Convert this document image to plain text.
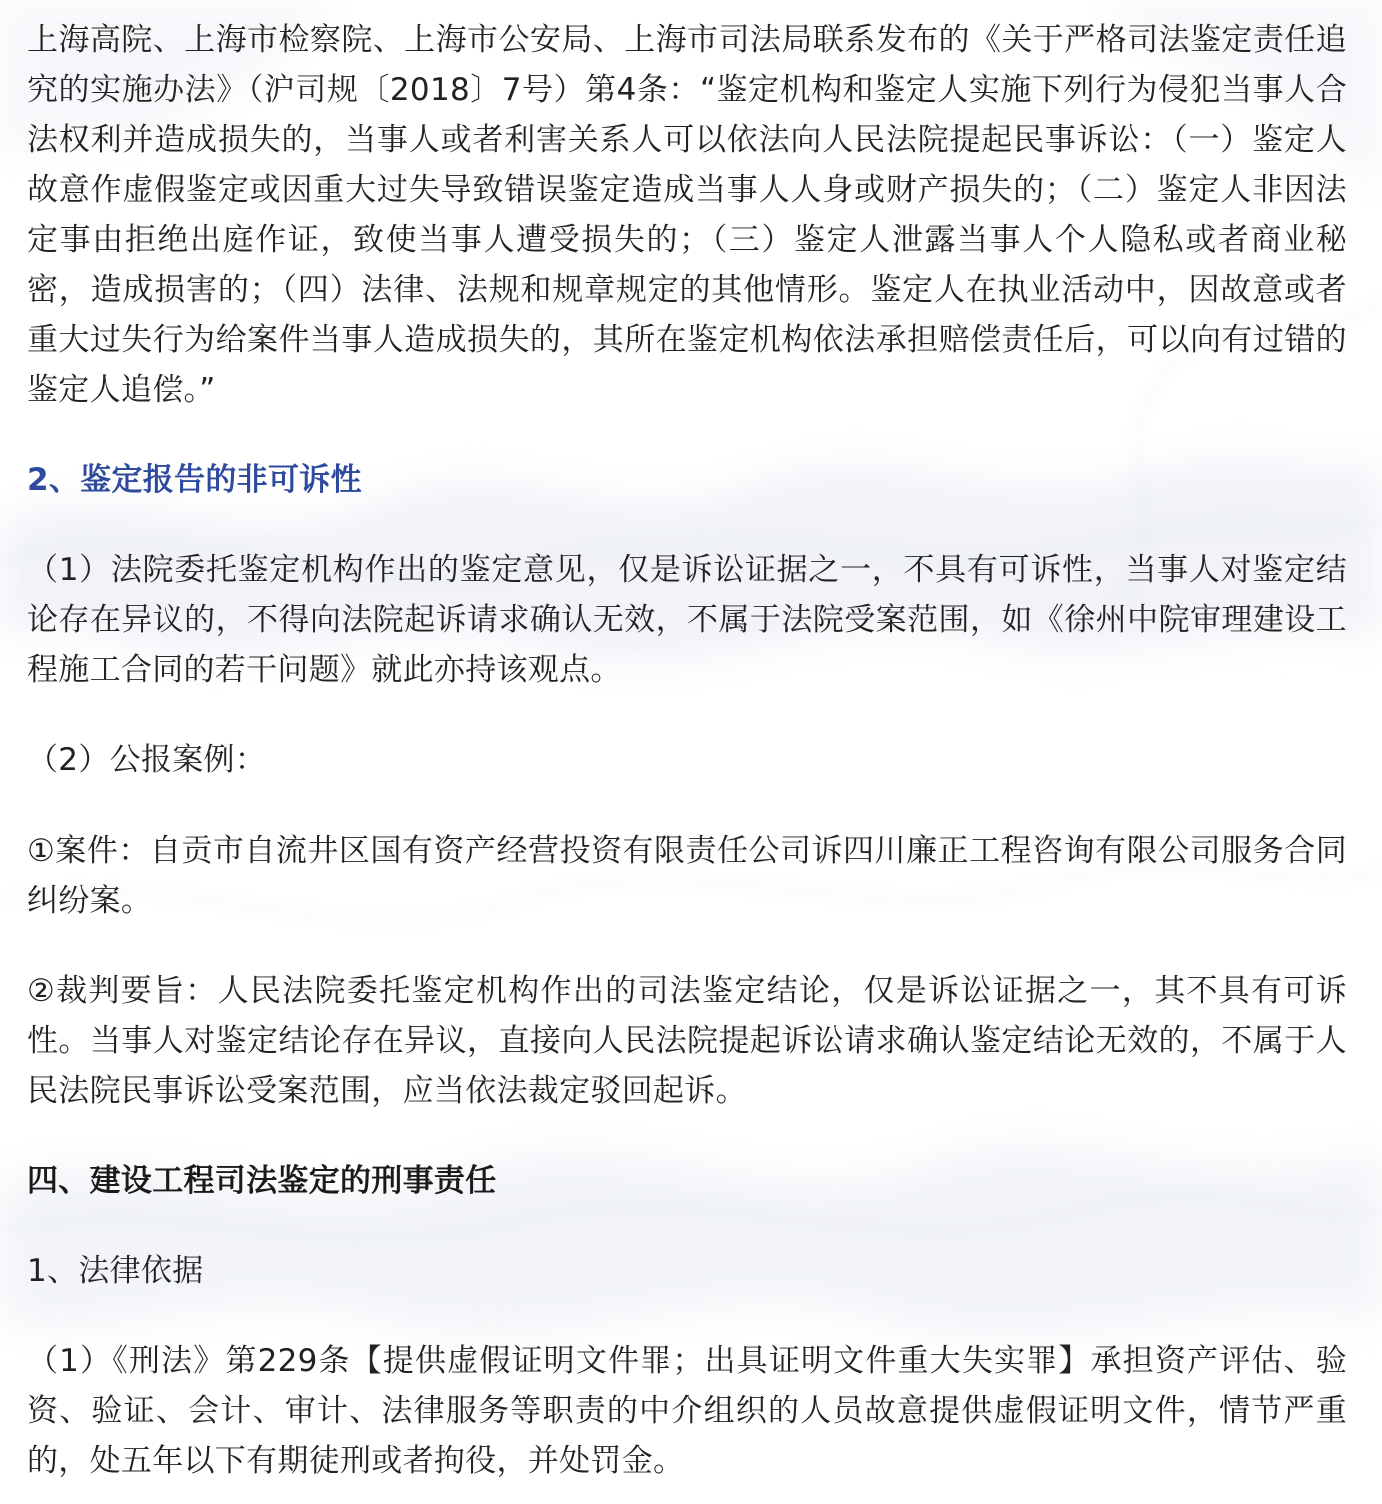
上海高院、上海市检察院、上海市公安局、上海市司法局联系发布的《关于严格司法鉴定责任追究的实施办法》（沪司规〔2018〕7号）第4条：“鉴定机构和鉴定人实施下列行为侵犯当事人合法权利并造成损失的，当事人或者利害关系人可以依法向人民法院提起民事诉讼：（一）鉴定人故意作虚假鉴定或因重大过失导致错误鉴定造成当事人人身或财产损失的；（二）鉴定人非因法定事由拒绝出庭作证，致使当事人遭受损失的；（三）鉴定人泄露当事人个人隐私或者商业秘密，造成损害的；（四）法律、法规和规章规定的其他情形。鉴定人在执业活动中，因故意或者重大过失行为给案件当事人造成损失的，其所在鉴定机构依法承担赔偿责任后，可以向有过错的鉴定人追偿。”

2、鉴定报告的非可诉性

（1）法院委托鉴定机构作出的鉴定意见，仅是诉讼证据之一，不具有可诉性，当事人对鉴定结论存在异议的，不得向法院起诉请求确认无效，不属于法院受案范围，如《徐州中院审理建设工程施工合同的若干问题》就此亦持该观点。

（2）公报案例：

①案件：自贡市自流井区国有资产经营投资有限责任公司诉四川廉正工程咨询有限公司服务合同纠纷案。

②裁判要旨：人民法院委托鉴定机构作出的司法鉴定结论，仅是诉讼证据之一，其不具有可诉性。当事人对鉴定结论存在异议，直接向人民法院提起诉讼请求确认鉴定结论无效的，不属于人民法院民事诉讼受案范围，应当依法裁定驳回起诉。

四、建设工程司法鉴定的刑事责任

1、法律依据

（1）《刑法》第229条【提供虚假证明文件罪；出具证明文件重大失实罪】承担资产评估、验资、验证、会计、审计、法律服务等职责的中介组织的人员故意提供虚假证明文件，情节严重的，处五年以下有期徒刑或者拘役，并处罚金。
